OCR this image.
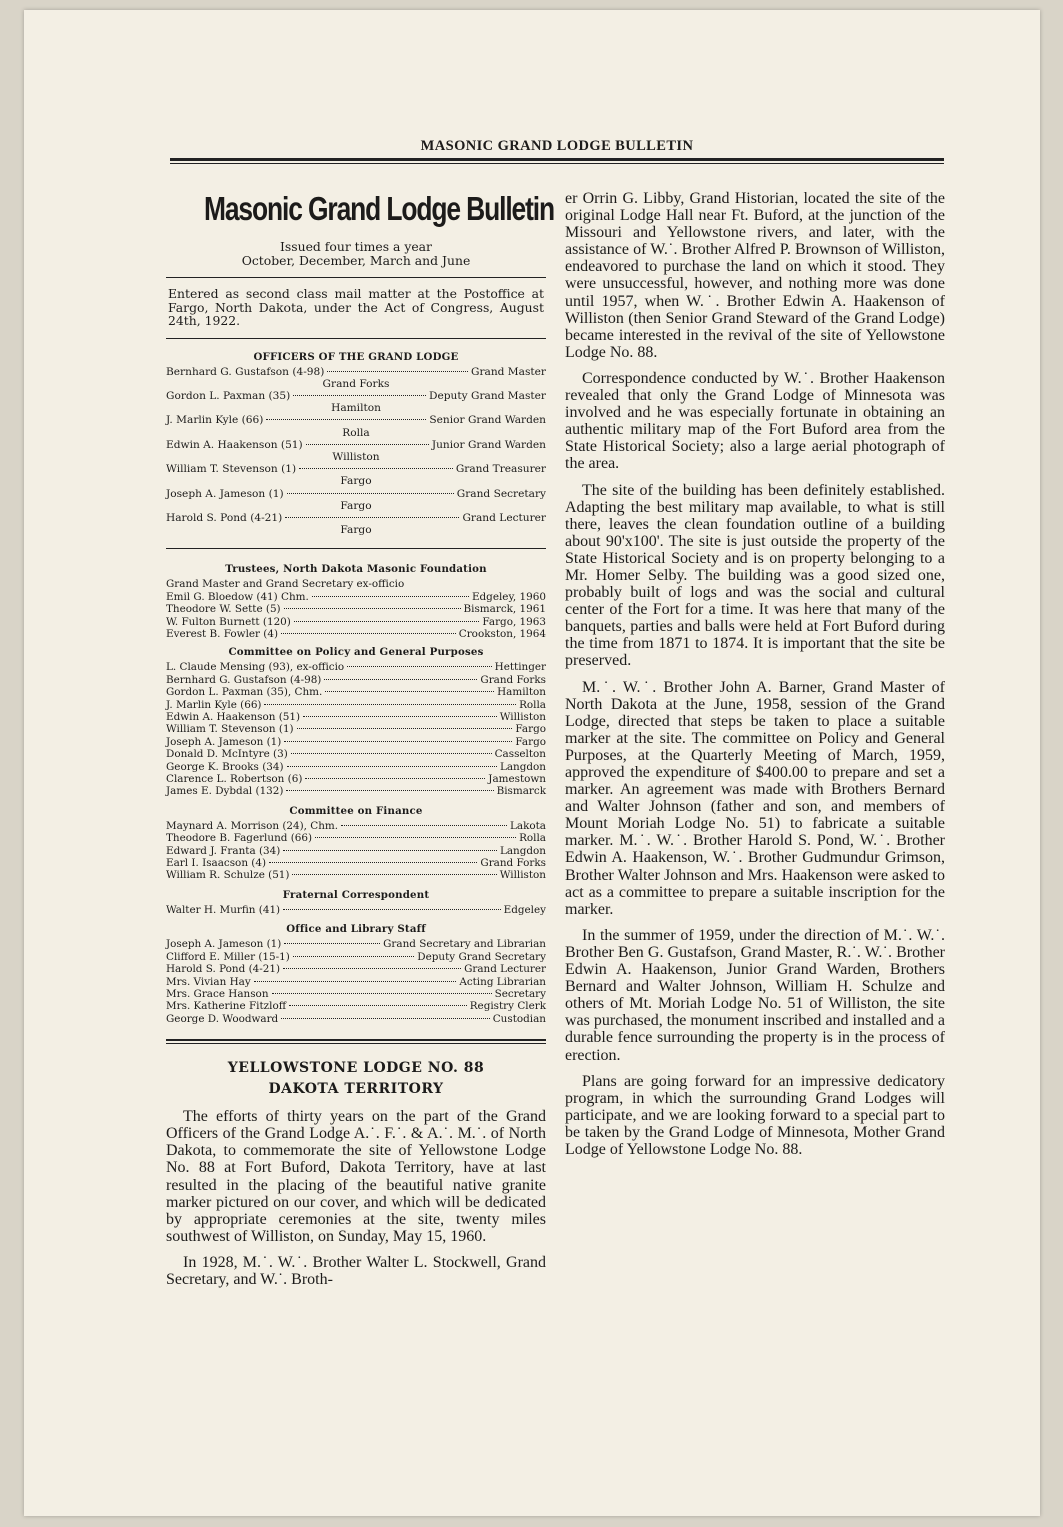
MASONIC GRAND LODGE BULLETIN
Masonic Grand Lodge Bulletin
Issued four times a year
October, December, March and June
Entered as second class mail matter at the Postoffice at Fargo, North Dakota, under the Act of Congress, August 24th, 1922.
OFFICERS OF THE GRAND LODGE
Bernhard G. Gustafson (4-98)	Grand Master
Grand Forks
Gordon L. Paxman (35)	Deputy Grand Master
Hamilton
J. Marlin Kyle (66)	Senior Grand Warden
Rolla
Edwin A. Haakenson (51)	Junior Grand Warden
Williston
William T. Stevenson (1)	Grand Treasurer
Fargo
Joseph A. Jameson (1)	Grand Secretary
Fargo
Harold S. Pond (4-21)	Grand Lecturer
Fargo
Trustees, North Dakota Masonic Foundation
Grand Master and Grand Secretary ex-officio
Emil G. Bloedow (41) Chm.	Edgeley, 1960
Theodore W. Sette (5)	Bismarck, 1961
W. Fulton Burnett (120)	Fargo, 1963
Everest B. Fowler (4)	Crookston, 1964
Committee on Policy and General Purposes
L. Claude Mensing (93), ex-officio	Hettinger
Bernhard G. Gustafson (4-98)	Grand Forks
Gordon L. Paxman (35), Chm.	Hamilton
J. Marlin Kyle (66)	Rolla
Edwin A. Haakenson (51)	Williston
William T. Stevenson (1)	Fargo
Joseph A. Jameson (1)	Fargo
Donald D. McIntyre (3)	Casselton
George K. Brooks (34)	Langdon
Clarence L. Robertson (6)	Jamestown
James E. Dybdal (132)	Bismarck
Committee on Finance
Maynard A. Morrison (24), Chm.	Lakota
Theodore B. Fagerlund (66)	Rolla
Edward J. Franta (34)	Langdon
Earl I. Isaacson (4)	Grand Forks
William R. Schulze (51)	Williston
Fraternal Correspondent
Walter H. Murfin (41)	Edgeley
Office and Library Staff
Joseph A. Jameson (1)	Grand Secretary and Librarian
Clifford E. Miller (15-1)	Deputy Grand Secretary
Harold S. Pond (4-21)	Grand Lecturer
Mrs. Vivian Hay	Acting Librarian
Mrs. Grace Hanson	Secretary
Mrs. Katherine Fitzloff	Registry Clerk
George D. Woodward	Custodian
YELLOWSTONE LODGE NO. 88
DAKOTA TERRITORY

The efforts of thirty years on the part of the Grand Officers of the Grand Lodge A.˙. F.˙. & A.˙. M.˙. of North Dakota, to commemorate the site of Yellowstone Lodge No. 88 at Fort Buford, Dakota Territory, have at last resulted in the placing of the beautiful native granite marker pictured on our cover, and which will be dedicated by appropriate ceremonies at the site, twenty miles southwest of Williston, on Sunday, May 15, 1960.

In 1928, M.˙. W.˙. Brother Walter L. Stockwell, Grand Secretary, and W.˙. Broth-

er Orrin G. Libby, Grand Historian, located the site of the original Lodge Hall near Ft. Buford, at the junction of the Missouri and Yellowstone rivers, and later, with the assistance of W.˙. Brother Alfred P. Brownson of Williston, endeavored to purchase the land on which it stood. They were unsuccessful, however, and nothing more was done until 1957, when W.˙. Brother Edwin A. Haakenson of Williston (then Senior Grand Steward of the Grand Lodge) became interested in the revival of the site of Yellowstone Lodge No. 88.

Correspondence conducted by W.˙. Brother Haakenson revealed that only the Grand Lodge of Minnesota was involved and he was especially fortunate in obtaining an authentic military map of the Fort Buford area from the State Historical Society; also a large aerial photograph of the area.

The site of the building has been definitely established. Adapting the best military map available, to what is still there, leaves the clean foundation outline of a building about 90'x100'. The site is just outside the property of the State Historical Society and is on property belonging to a Mr. Homer Selby. The building was a good sized one, probably built of logs and was the social and cultural center of the Fort for a time. It was here that many of the banquets, parties and balls were held at Fort Buford during the time from 1871 to 1874. It is important that the site be preserved.

M.˙. W.˙. Brother John A. Barner, Grand Master of North Dakota at the June, 1958, session of the Grand Lodge, directed that steps be taken to place a suitable marker at the site. The committee on Policy and General Purposes, at the Quarterly Meeting of March, 1959, approved the expenditure of $400.00 to prepare and set a marker. An agreement was made with Brothers Bernard and Walter Johnson (father and son, and members of Mount Moriah Lodge No. 51) to fabricate a suitable marker. M.˙. W.˙. Brother Harold S. Pond, W.˙. Brother Edwin A. Haakenson, W.˙. Brother Gudmundur Grimson, Brother Walter Johnson and Mrs. Haakenson were asked to act as a committee to prepare a suitable inscription for the marker.

In the summer of 1959, under the direction of M.˙. W.˙. Brother Ben G. Gustafson, Grand Master, R.˙. W.˙. Brother Edwin A. Haakenson, Junior Grand Warden, Brothers Bernard and Walter Johnson, William H. Schulze and others of Mt. Moriah Lodge No. 51 of Williston, the site was purchased, the monument inscribed and installed and a durable fence surrounding the property is in the process of erection.

Plans are going forward for an impressive dedicatory program, in which the surrounding Grand Lodges will participate, and we are looking forward to a special part to be taken by the Grand Lodge of Minnesota, Mother Grand Lodge of Yellowstone Lodge No. 88.
